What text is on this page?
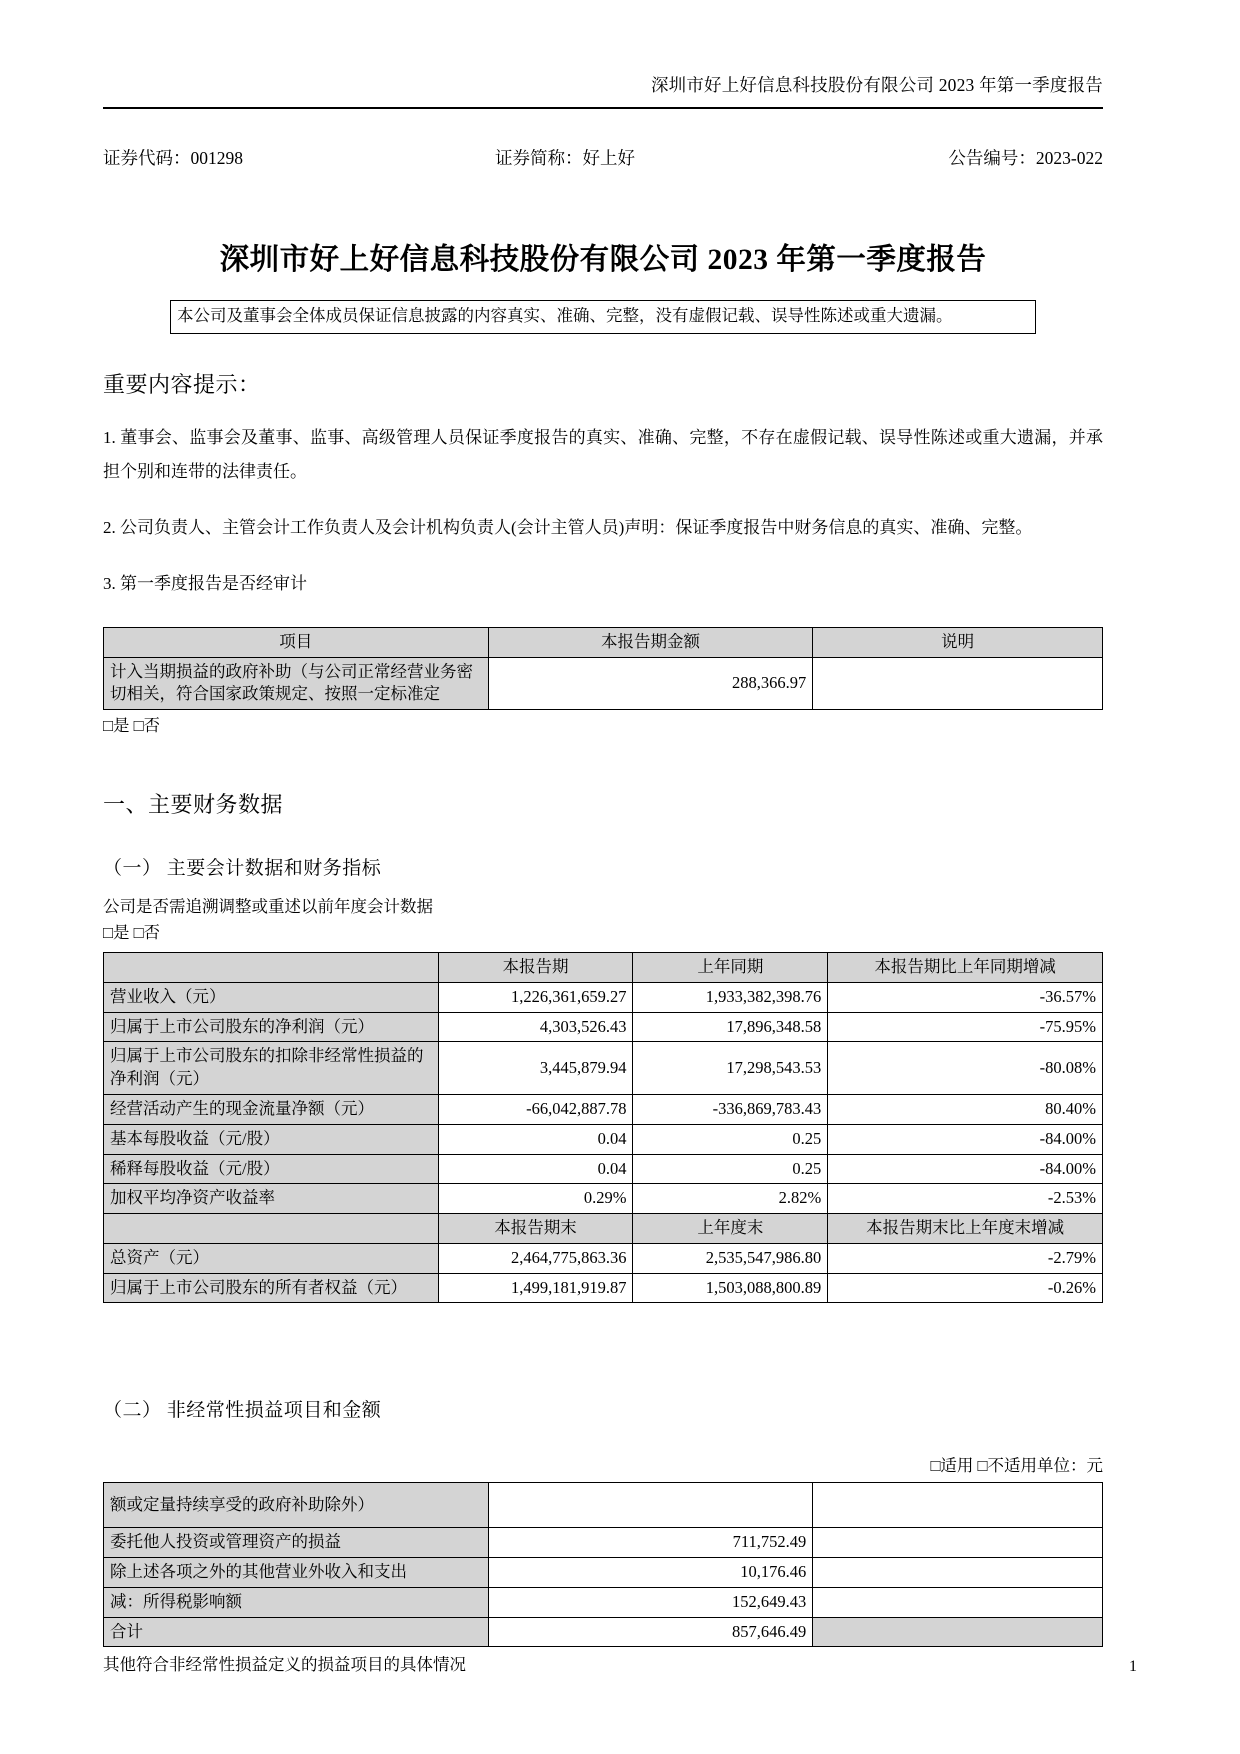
深圳市好上好信息科技股份有限公司 2023 年第一季度报告
证券代码：001298	证券简称：好上好	公告编号：2023-022
深圳市好上好信息科技股份有限公司 2023 年第一季度报告
本公司及董事会全体成员保证信息披露的内容真实、准确、完整，没有虚假记载、误导性陈述或重大遗漏。
重要内容提示：
1. 董事会、监事会及董事、监事、高级管理人员保证季度报告的真实、准确、完整，不存在虚假记载、误导性陈述或重大遗漏，并承担个别和连带的法律责任。
2. 公司负责人、主管会计工作负责人及会计机构负责人(会计主管人员)声明：保证季度报告中财务信息的真实、准确、完整。
3. 第一季度报告是否经审计
项目	本报告期金额	说明
计入当期损益的政府补助（与公司正常经营业务密切相关，符合国家政策规定、按照一定标准定	288,366.97	
□是 □否
一、主要财务数据
（一） 主要会计数据和财务指标
公司是否需追溯调整或重述以前年度会计数据
□是 □否
	本报告期	上年同期	本报告期比上年同期增减
营业收入（元）	1,226,361,659.27	1,933,382,398.76	-36.57%
归属于上市公司股东的净利润（元）	4,303,526.43	17,896,348.58	-75.95%
归属于上市公司股东的扣除非经常性损益的净利润（元）	3,445,879.94	17,298,543.53	-80.08%
经营活动产生的现金流量净额（元）	-66,042,887.78	-336,869,783.43	80.40%
基本每股收益（元/股）	0.04	0.25	-84.00%
稀释每股收益（元/股）	0.04	0.25	-84.00%
加权平均净资产收益率	0.29%	2.82%	-2.53%
	本报告期末	上年度末	本报告期末比上年度末增减
总资产（元）	2,464,775,863.36	2,535,547,986.80	-2.79%
归属于上市公司股东的所有者权益（元）	1,499,181,919.87	1,503,088,800.89	-0.26%
（二） 非经常性损益项目和金额
□适用 □不适用单位：元
额或定量持续享受的政府补助除外）		
委托他人投资或管理资产的损益	711,752.49	
除上述各项之外的其他营业外收入和支出	10,176.46	
减：所得税影响额	152,649.43	
合计	857,646.49	
其他符合非经常性损益定义的损益项目的具体情况	1
